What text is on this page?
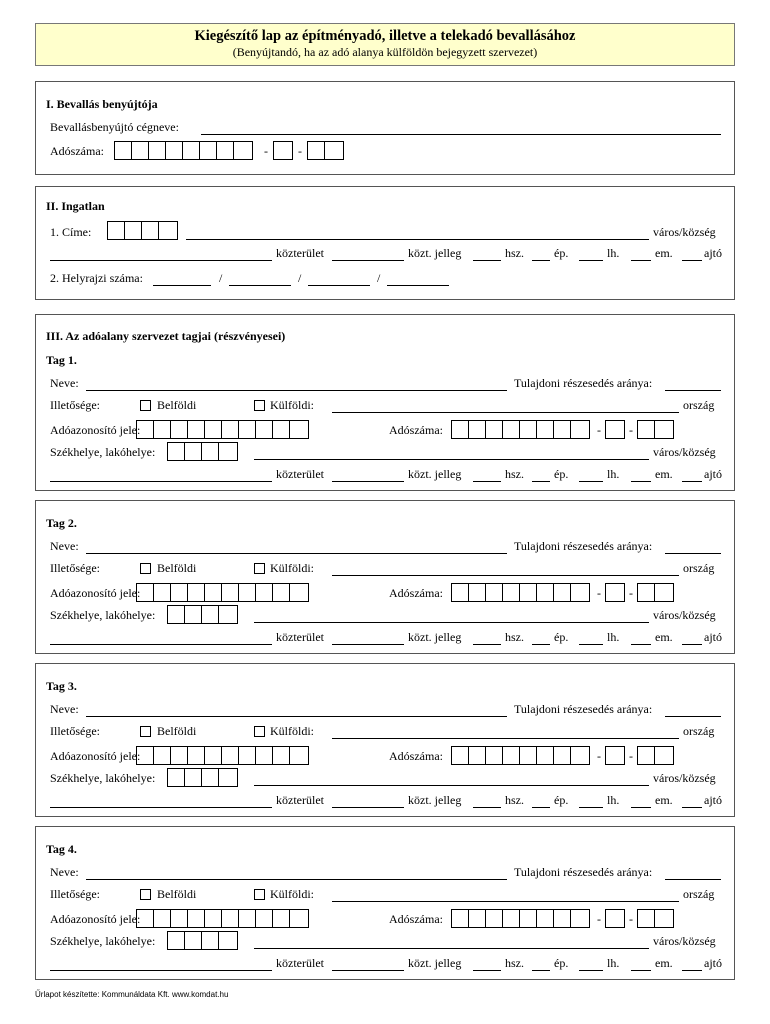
Kiegészítő lap az építményadó, illetve a telekadó bevallásához
(Benyújtandó, ha az adó alanya külföldön bejegyzett szervezet)
I. Bevallás benyújtója
Bevallásbenyújtó cégneve:
Adószáma:	-	-
II. Ingatlan
1. Címe:	város/község
2. Helyrajzi száma:	/	/	/
közterület	közt. jelleg	hsz.	ép.	lh.	em.	ajtó
III. Az adóalany szervezet tagjai (részvényesei)
Tag 1.
Neve:	Tulajdoni részesedés aránya:
Illetősége:	Belföldi	Külföldi:	ország
Adóazonosító jele:	Adószáma:	- -
Székhelye, lakóhelye:	város/község
közterület	közt. jelleg	hsz.	ép.	lh.	em.	ajtó
Tag 2.
Neve:	Tulajdoni részesedés aránya:
Illetősége:	Belföldi	Külföldi:	ország
Adóazonosító jele:	Adószáma:	- -
Székhelye, lakóhelye:	város/község
közterület	közt. jelleg	hsz.	ép.	lh.	em.	ajtó
Tag 3.
Neve:	Tulajdoni részesedés aránya:
Illetősége:	Belföldi	Külföldi:	ország
Adóazonosító jele:	Adószáma:	- -
Székhelye, lakóhelye:	város/község
közterület	közt. jelleg	hsz.	ép.	lh.	em.	ajtó
Tag 4.
Neve:	Tulajdoni részesedés aránya:
Illetősége:	Belföldi	Külföldi:	ország
Adóazonosító jele:	Adószáma:	- -
Székhelye, lakóhelye:	város/község
közterület	közt. jelleg	hsz.	ép.	lh.	em.	ajtó
Űrlapot készítette: Kommunáldata Kft. www.komdat.hu
